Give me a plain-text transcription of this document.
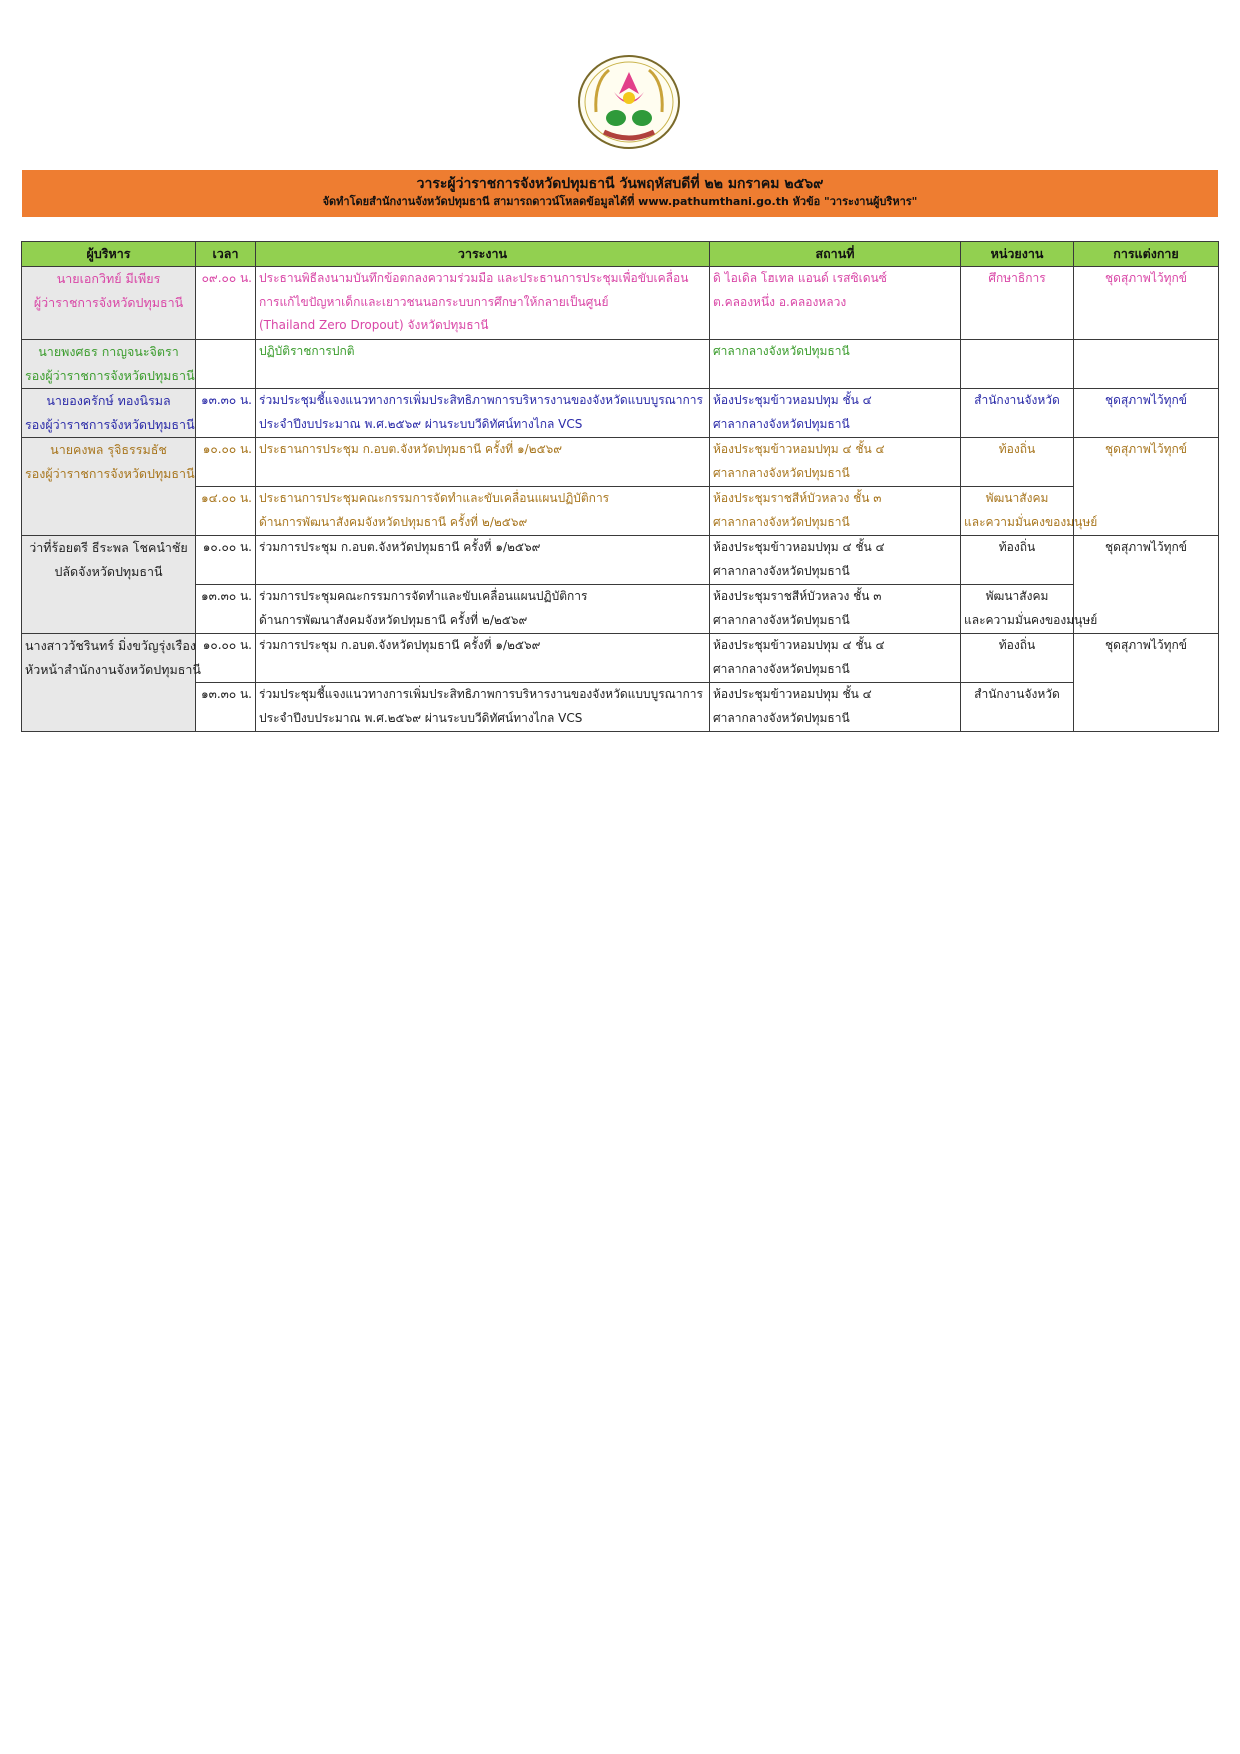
วาระผู้ว่าราชการจังหวัดปทุมธานี วันพฤหัสบดีที่ ๒๒ มกราคม ๒๕๖๙
จัดทำโดยสำนักงานจังหวัดปทุมธานี สามารถดาวน์โหลดข้อมูลได้ที่ www.pathumthani.go.th หัวข้อ "วาระงานผู้บริหาร"
ผู้บริหาร	เวลา	วาระงาน	สถานที่	หน่วยงาน	การแต่งกาย

นายเอกวิทย์ มีเพียร
ผู้ว่าราชการจังหวัดปทุมธานี	๐๙.๐๐ น.	ประธานพิธีลงนามบันทึกข้อตกลงความร่วมมือ และประธานการประชุมเพื่อขับเคลื่อน
การแก้ไขปัญหาเด็กและเยาวชนนอกระบบการศึกษาให้กลายเป็นศูนย์
(Thailand Zero Dropout) จังหวัดปทุมธานี	ดิ ไอเดิล โฮเทล แอนด์ เรสซิเดนซ์
ต.คลองหนึ่ง อ.คลองหลวง	ศึกษาธิการ	ชุดสุภาพไว้ทุกข์

นายพงศธร กาญจนะจิตรา
รองผู้ว่าราชการจังหวัดปทุมธานี		ปฏิบัติราชการปกติ	ศาลากลางจังหวัดปทุมธานี		

นายองครักษ์ ทองนิรมล
รองผู้ว่าราชการจังหวัดปทุมธานี	๑๓.๓๐ น.	ร่วมประชุมชี้แจงแนวทางการเพิ่มประสิทธิภาพการบริหารงานของจังหวัดแบบบูรณาการ
ประจำปีงบประมาณ พ.ศ.๒๕๖๙ ผ่านระบบวีดิทัศน์ทางไกล VCS	ห้องประชุมข้าวหอมปทุม ชั้น ๔
ศาลากลางจังหวัดปทุมธานี	สำนักงานจังหวัด	ชุดสุภาพไว้ทุกข์

นายคงพล รุจิธรรมธัช
รองผู้ว่าราชการจังหวัดปทุมธานี	๑๐.๐๐ น.	ประธานการประชุม ก.อบต.จังหวัดปทุมธานี ครั้งที่ ๑/๒๕๖๙	ห้องประชุมข้าวหอมปทุม ๔ ชั้น ๔
ศาลากลางจังหวัดปทุมธานี	ท้องถิ่น	ชุดสุภาพไว้ทุกข์
	๑๔.๐๐ น.	ประธานการประชุมคณะกรรมการจัดทำและขับเคลื่อนแผนปฏิบัติการ
ด้านการพัฒนาสังคมจังหวัดปทุมธานี ครั้งที่ ๒/๒๕๖๙	ห้องประชุมราชสีห์บัวหลวง ชั้น ๓
ศาลากลางจังหวัดปทุมธานี	พัฒนาสังคม
และความมั่นคงของมนุษย์	

ว่าที่ร้อยตรี ธีระพล โชคนำชัย
ปลัดจังหวัดปทุมธานี	๑๐.๐๐ น.	ร่วมการประชุม ก.อบต.จังหวัดปทุมธานี ครั้งที่ ๑/๒๕๖๙	ห้องประชุมข้าวหอมปทุม ๔ ชั้น ๔
ศาลากลางจังหวัดปทุมธานี	ท้องถิ่น	ชุดสุภาพไว้ทุกข์
	๑๓.๓๐ น.	ร่วมการประชุมคณะกรรมการจัดทำและขับเคลื่อนแผนปฏิบัติการ
ด้านการพัฒนาสังคมจังหวัดปทุมธานี ครั้งที่ ๒/๒๕๖๙	ห้องประชุมราชสีห์บัวหลวง ชั้น ๓
ศาลากลางจังหวัดปทุมธานี	พัฒนาสังคม
และความมั่นคงของมนุษย์	

นางสาววัชรินทร์ มิ่งขวัญรุ่งเรือง
หัวหน้าสำนักงานจังหวัดปทุมธานี	๑๐.๐๐ น.	ร่วมการประชุม ก.อบต.จังหวัดปทุมธานี ครั้งที่ ๑/๒๕๖๙	ห้องประชุมข้าวหอมปทุม ๔ ชั้น ๔
ศาลากลางจังหวัดปทุมธานี	ท้องถิ่น	ชุดสุภาพไว้ทุกข์
	๑๓.๓๐ น.	ร่วมประชุมชี้แจงแนวทางการเพิ่มประสิทธิภาพการบริหารงานของจังหวัดแบบบูรณาการ
ประจำปีงบประมาณ พ.ศ.๒๕๖๙ ผ่านระบบวีดิทัศน์ทางไกล VCS	ห้องประชุมข้าวหอมปทุม ชั้น ๔
ศาลากลางจังหวัดปทุมธานี	สำนักงานจังหวัด	
